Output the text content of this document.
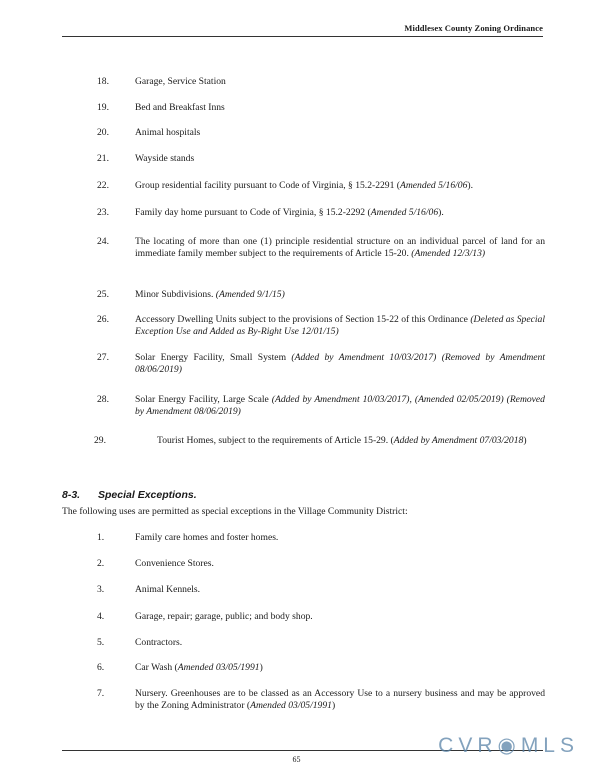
Middlesex County Zoning Ordinance
18.	Garage, Service Station
19.	Bed and Breakfast Inns
20.	Animal hospitals
21.	Wayside stands
22.	Group residential facility pursuant to Code of Virginia, § 15.2-2291 (Amended 5/16/06).
23.	Family day home pursuant to Code of Virginia, § 15.2-2292 (Amended 5/16/06).
24.	The locating of more than one (1) principle residential structure on an individual parcel of land for an immediate family member subject to the requirements of Article 15-20. (Amended 12/3/13)
25.	Minor Subdivisions. (Amended 9/1/15)
26.	Accessory Dwelling Units subject to the provisions of Section 15-22 of this Ordinance (Deleted as Special Exception Use and Added as By-Right Use 12/01/15)
27.	Solar Energy Facility, Small System (Added by Amendment 10/03/2017) (Removed by Amendment 08/06/2019)
28.	Solar Energy Facility, Large Scale (Added by Amendment 10/03/2017), (Amended 02/05/2019) (Removed by Amendment 08/06/2019)
29.	Tourist Homes, subject to the requirements of Article 15-29. (Added by Amendment 07/03/2018)
8-3. Special Exceptions.
The following uses are permitted as special exceptions in the Village Community District:
1.	Family care homes and foster homes.
2.	Convenience Stores.
3.	Animal Kennels.
4.	Garage, repair; garage, public; and body shop.
5.	Contractors.
6.	Car Wash (Amended 03/05/1991)
7.	Nursery. Greenhouses are to be classed as an Accessory Use to a nursery business and may be approved by the Zoning Administrator (Amended 03/05/1991)
65
CVR◉MLS
